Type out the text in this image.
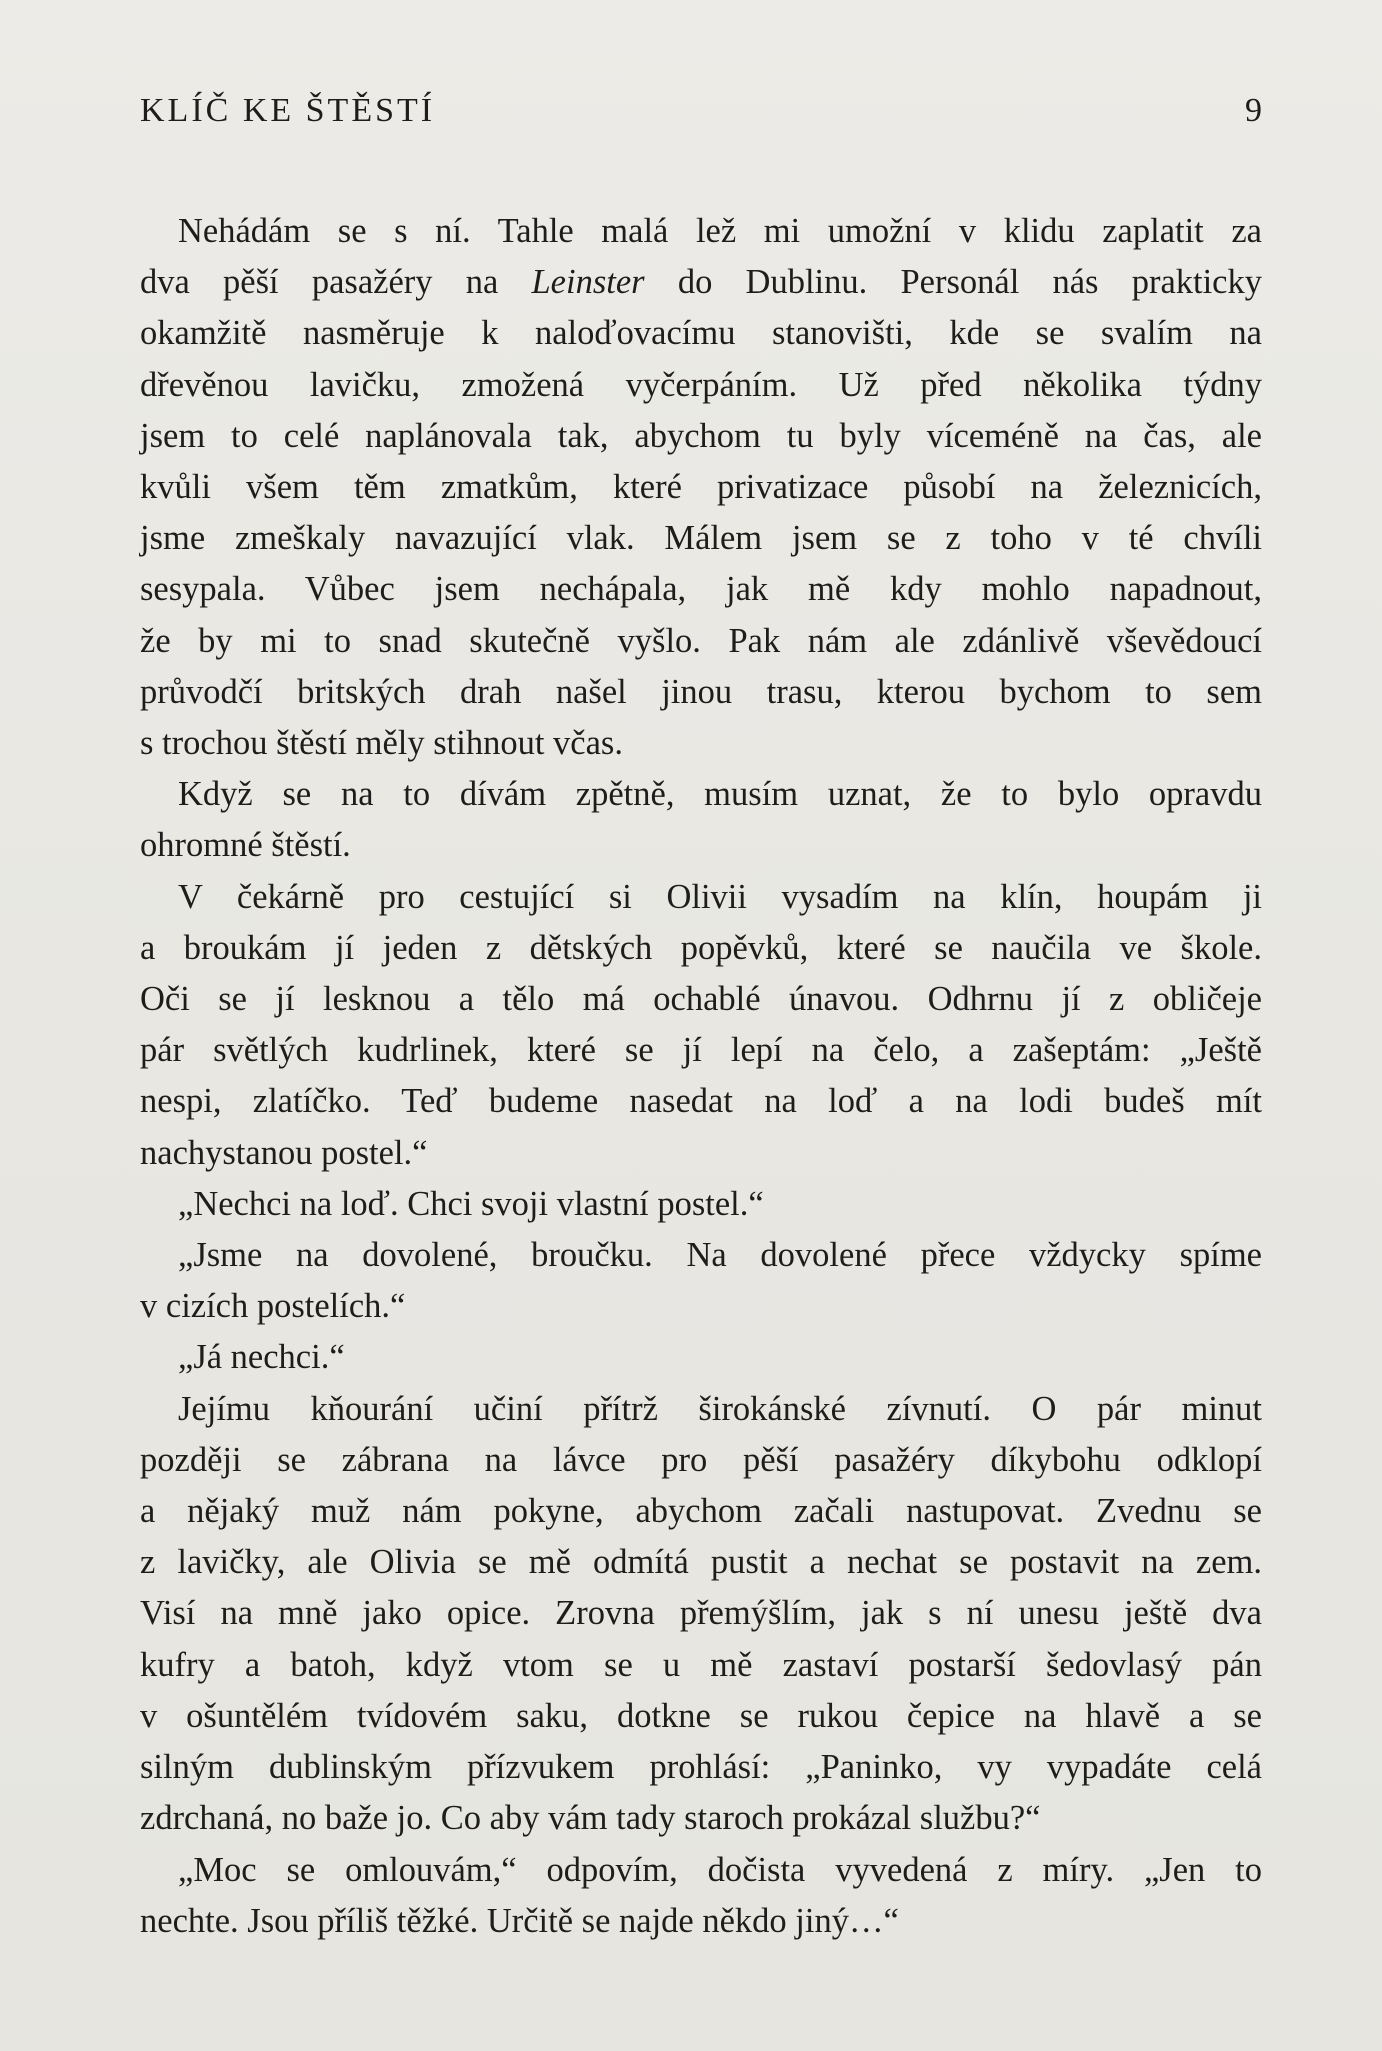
KLÍČ KE ŠTĚSTÍ	9

Nehádám se s ní. Tahle malá lež mi umožní v klidu zaplatit za
dva pěší pasažéry na Leinster do Dublinu. Personál nás prakticky
okamžitě nasměruje k naloďovacímu stanovišti, kde se svalím na
dřevěnou lavičku, zmožená vyčerpáním. Už před několika týdny
jsem to celé naplánovala tak, abychom tu byly víceméně na čas, ale
kvůli všem těm zmatkům, které privatizace působí na železnicích,
jsme zmeškaly navazující vlak. Málem jsem se z toho v té chvíli
sesypala. Vůbec jsem nechápala, jak mě kdy mohlo napadnout,
že by mi to snad skutečně vyšlo. Pak nám ale zdánlivě vševědoucí
průvodčí britských drah našel jinou trasu, kterou bychom to sem
s trochou štěstí měly stihnout včas.

Když se na to dívám zpětně, musím uznat, že to bylo opravdu
ohromné štěstí.

V čekárně pro cestující si Olivii vysadím na klín, houpám ji
a broukám jí jeden z dětských popěvků, které se naučila ve škole.
Oči se jí lesknou a tělo má ochablé únavou. Odhrnu jí z obličeje
pár světlých kudrlinek, které se jí lepí na čelo, a zašeptám: „Ještě
nespi, zlatíčko. Teď budeme nasedat na loď a na lodi budeš mít
nachystanou postel.“

„Nechci na loď. Chci svoji vlastní postel.“

„Jsme na dovolené, broučku. Na dovolené přece vždycky spíme
v cizích postelích.“

„Já nechci.“

Jejímu kňourání učiní přítrž širokánské zívnutí. O pár minut
později se zábrana na lávce pro pěší pasažéry díkybohu odklopí
a nějaký muž nám pokyne, abychom začali nastupovat. Zvednu se
z lavičky, ale Olivia se mě odmítá pustit a nechat se postavit na zem.
Visí na mně jako opice. Zrovna přemýšlím, jak s ní unesu ještě dva
kufry a batoh, když vtom se u mě zastaví postarší šedovlasý pán
v ošuntělém tvídovém saku, dotkne se rukou čepice na hlavě a se
silným dublinským přízvukem prohlásí: „Paninko, vy vypadáte celá
zdrchaná, no baže jo. Co aby vám tady staroch prokázal službu?“

„Moc se omlouvám,“ odpovím, dočista vyvedená z míry. „Jen to
nechte. Jsou příliš těžké. Určitě se najde někdo jiný…“
